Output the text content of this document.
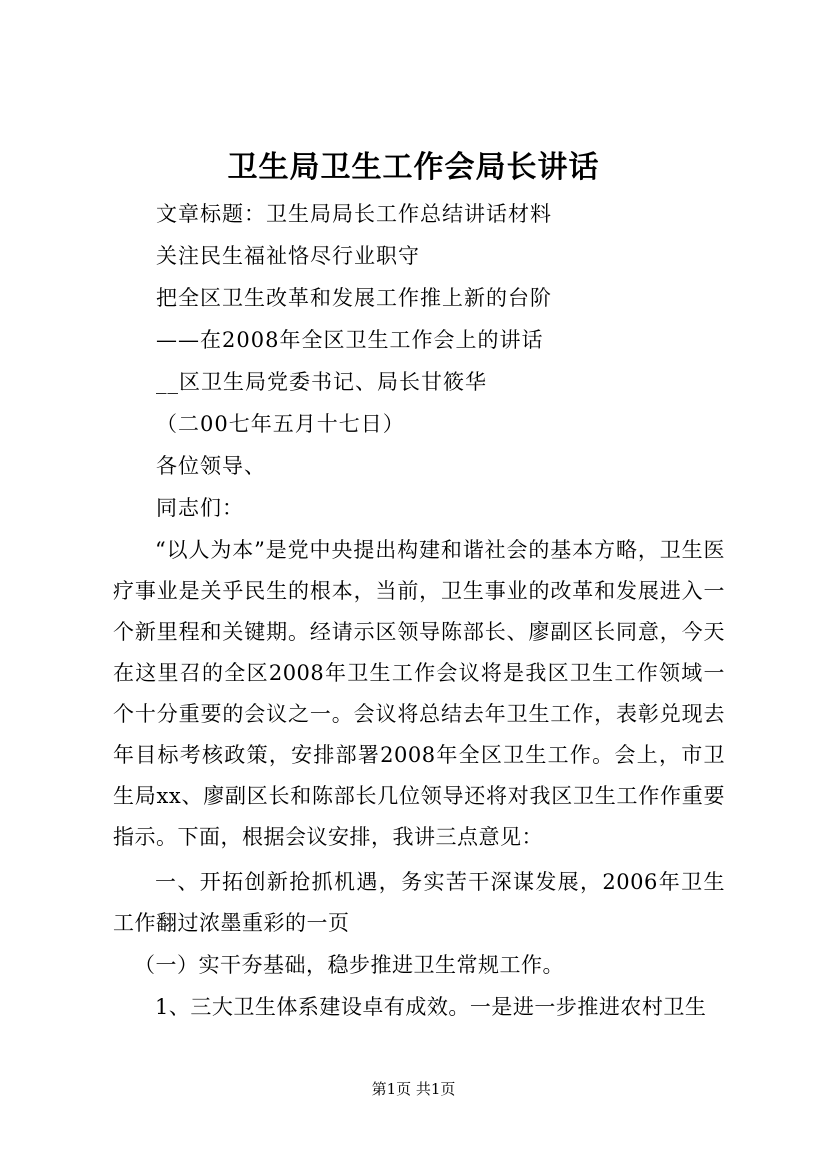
卫生局卫生工作会局长讲话
文章标题：卫生局局长工作总结讲话材料
关注民生福祉恪尽行业职守
把全区卫生改革和发展工作推上新的台阶
——在2008年全区卫生工作会上的讲话
__区卫生局党委书记、局长甘筱华
（二00七年五月十七日）
各位领导、
同志们：
“以人为本”是党中央提出构建和谐社会的基本方略，卫生医疗事业是关乎民生的根本，当前，卫生事业的改革和发展进入一个新里程和关键期。经请示区领导陈部长、廖副区长同意，今天在这里召的全区2008年卫生工作会议将是我区卫生工作领域一个十分重要的会议之一。会议将总结去年卫生工作，表彰兑现去年目标考核政策，安排部署2008年全区卫生工作。会上，市卫生局xx、廖副区长和陈部长几位领导还将对我区卫生工作作重要指示。下面，根据会议安排，我讲三点意见：
一、开拓创新抢抓机遇，务实苦干深谋发展，2006年卫生工作翻过浓墨重彩的一页
（一）实干夯基础，稳步推进卫生常规工作。
1、三大卫生体系建设卓有成效。一是进一步推进农村卫生
第1页 共1页
